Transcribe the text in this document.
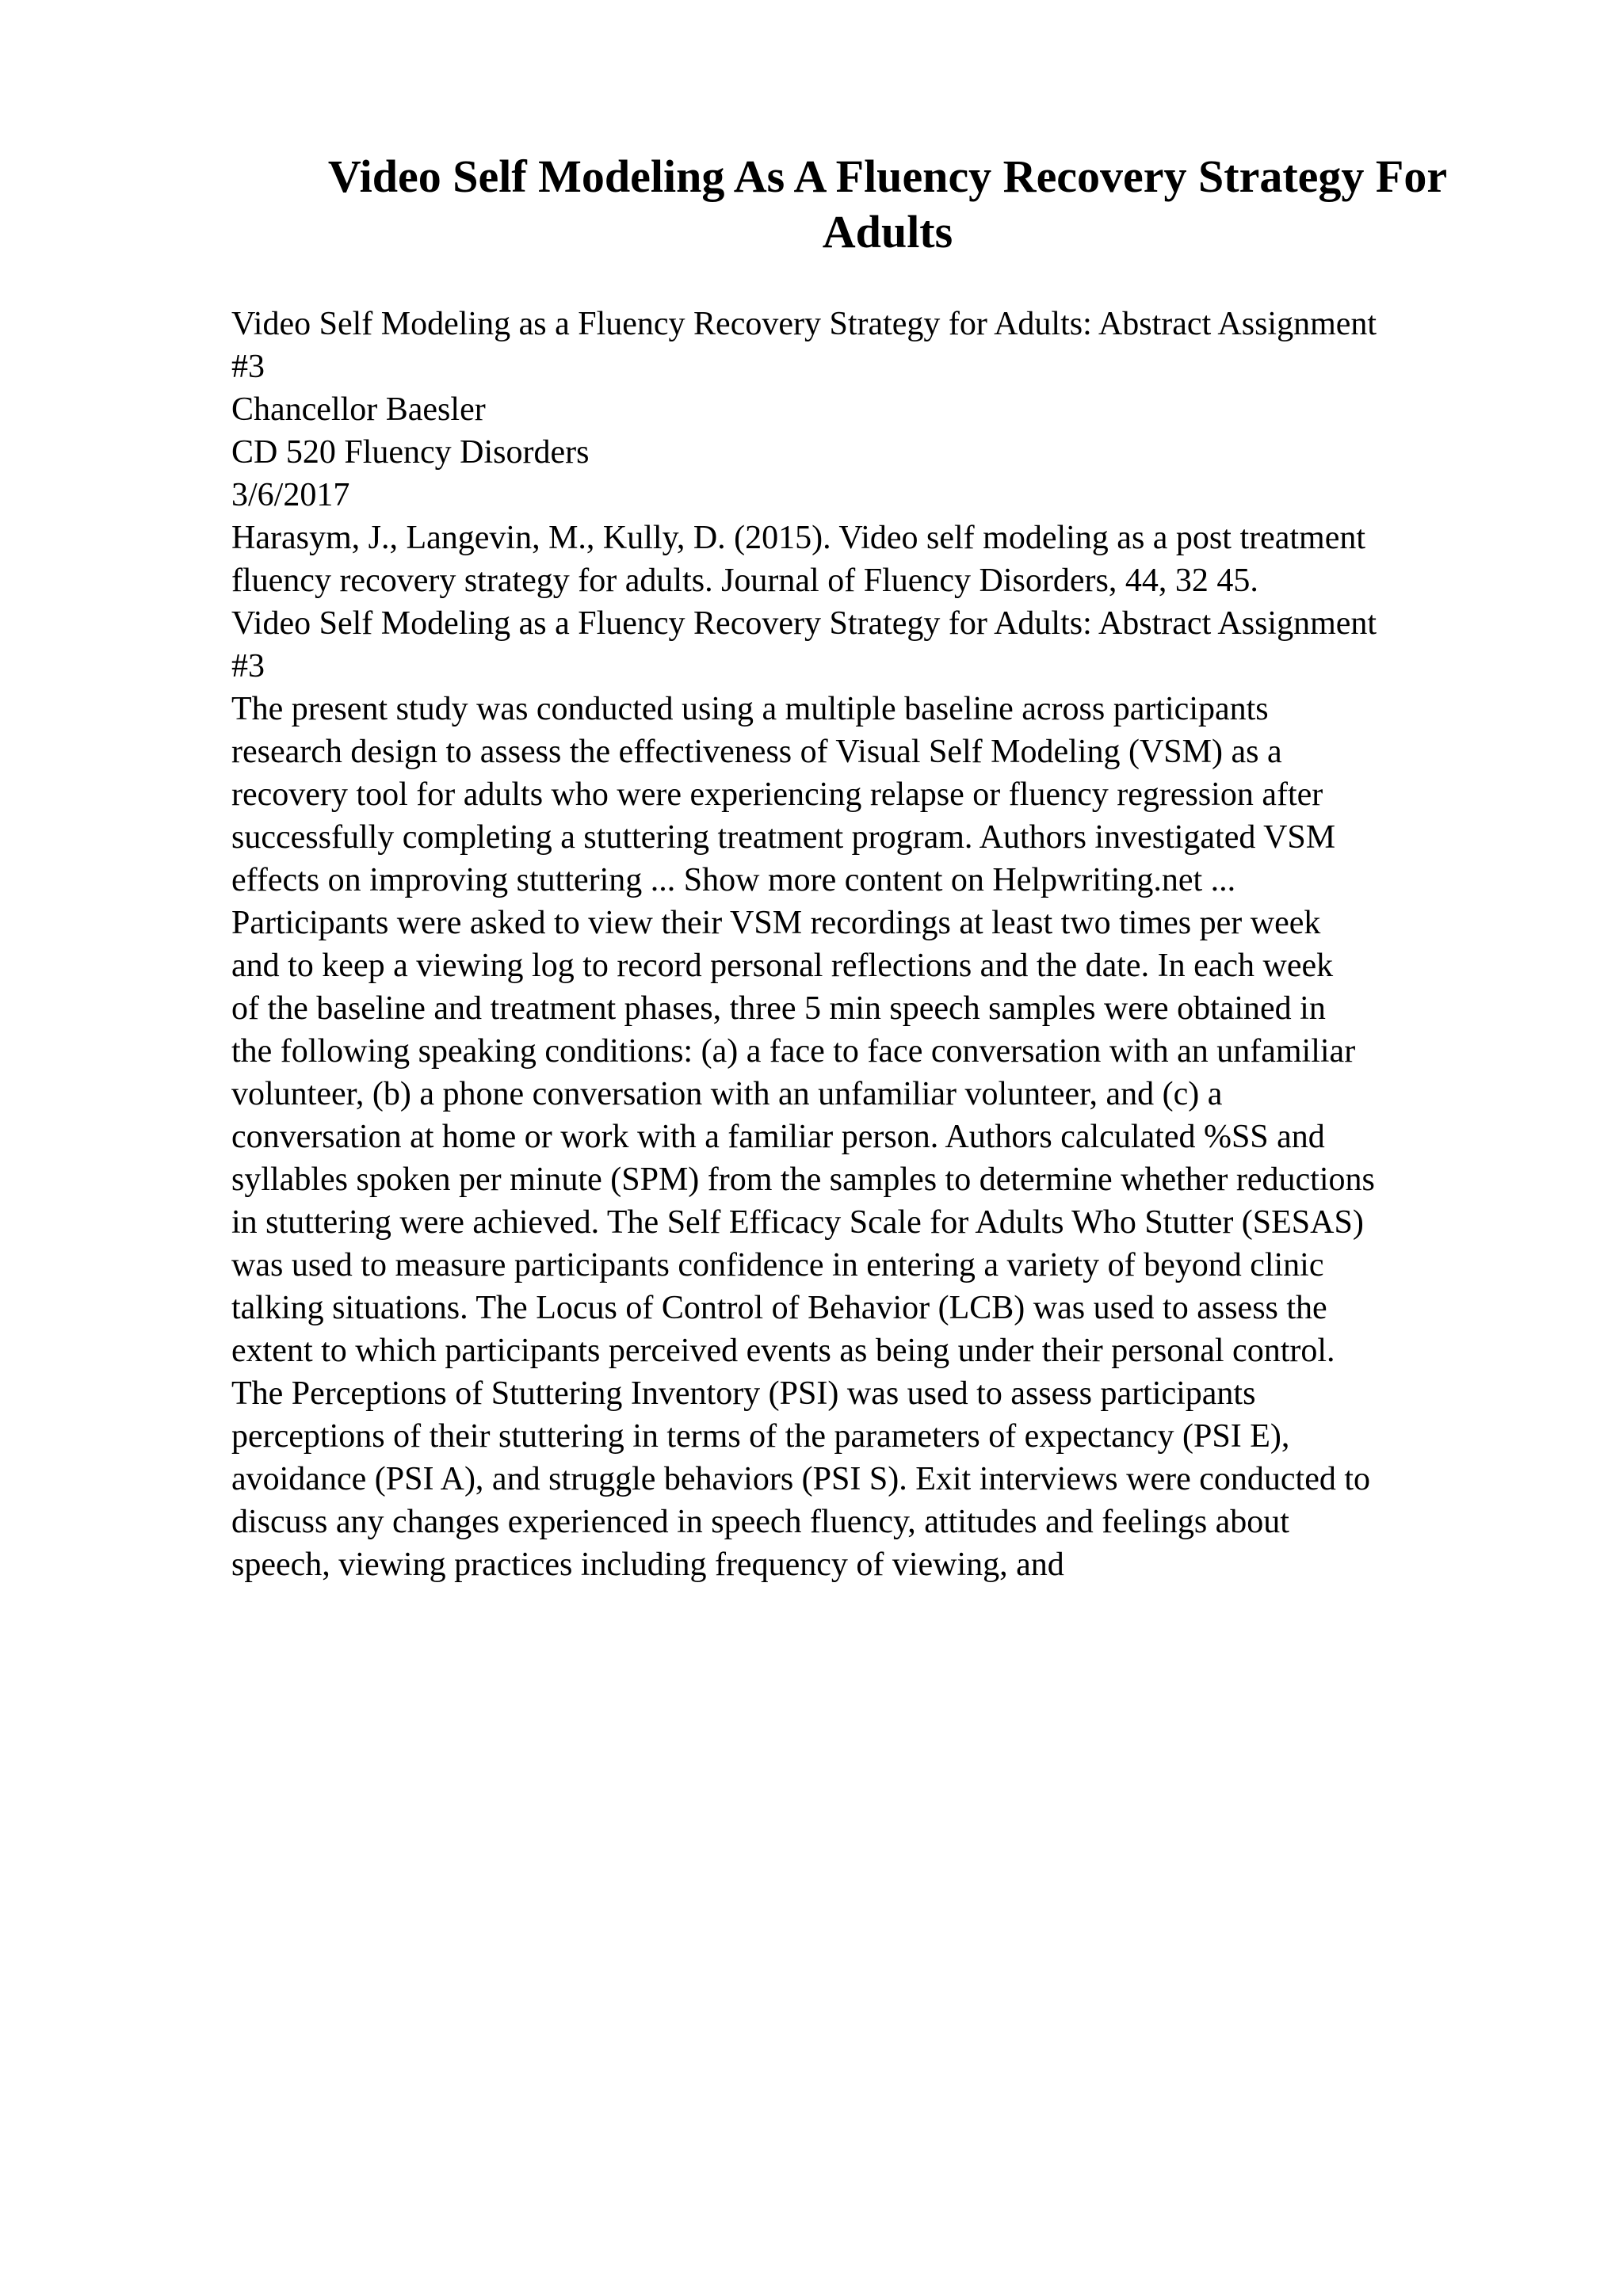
Video Self Modeling As A Fluency Recovery Strategy For
Adults
Video Self Modeling as a Fluency Recovery Strategy for Adults: Abstract Assignment
#3
Chancellor Baesler
CD 520 Fluency Disorders
3/6/2017
Harasym, J., Langevin, M., Kully, D. (2015). Video self modeling as a post treatment
fluency recovery strategy for adults. Journal of Fluency Disorders, 44, 32 45.
Video Self Modeling as a Fluency Recovery Strategy for Adults: Abstract Assignment
#3
The present study was conducted using a multiple baseline across participants
research design to assess the effectiveness of Visual Self Modeling (VSM) as a
recovery tool for adults who were experiencing relapse or fluency regression after
successfully completing a stuttering treatment program. Authors investigated VSM
effects on improving stuttering ... Show more content on Helpwriting.net ...
Participants were asked to view their VSM recordings at least two times per week
and to keep a viewing log to record personal reflections and the date. In each week
of the baseline and treatment phases, three 5 min speech samples were obtained in
the following speaking conditions: (a) a face to face conversation with an unfamiliar
volunteer, (b) a phone conversation with an unfamiliar volunteer, and (c) a
conversation at home or work with a familiar person. Authors calculated %SS and
syllables spoken per minute (SPM) from the samples to determine whether reductions
in stuttering were achieved. The Self Efficacy Scale for Adults Who Stutter (SESAS)
was used to measure participants confidence in entering a variety of beyond clinic
talking situations. The Locus of Control of Behavior (LCB) was used to assess the
extent to which participants perceived events as being under their personal control.
The Perceptions of Stuttering Inventory (PSI) was used to assess participants
perceptions of their stuttering in terms of the parameters of expectancy (PSI E),
avoidance (PSI A), and struggle behaviors (PSI S). Exit interviews were conducted to
discuss any changes experienced in speech fluency, attitudes and feelings about
speech, viewing practices including frequency of viewing, and
